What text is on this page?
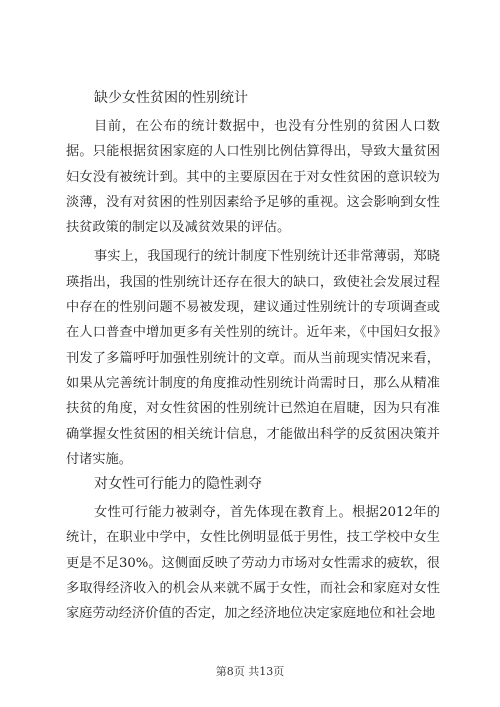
缺少女性贫困的性别统计

目前，在公布的统计数据中，也没有分性别的贫困人口数据。只能根据贫困家庭的人口性别比例估算得出，导致大量贫困妇女没有被统计到。其中的主要原因在于对女性贫困的意识较为淡薄，没有对贫困的性别因素给予足够的重视。这会影响到女性扶贫政策的制定以及减贫效果的评估。

事实上，我国现行的统计制度下性别统计还非常薄弱，郑晓瑛指出，我国的性别统计还存在很大的缺口，致使社会发展过程中存在的性别问题不易被发现，建议通过性别统计的专项调查或在人口普查中增加更多有关性别的统计。近年来，《中国妇女报》刊发了多篇呼吁加强性别统计的文章。而从当前现实情况来看，如果从完善统计制度的角度推动性别统计尚需时日，那么从精准扶贫的角度，对女性贫困的性别统计已然迫在眉睫，因为只有准确掌握女性贫困的相关统计信息，才能做出科学的反贫困决策并付诸实施。

对女性可行能力的隐性剥夺

女性可行能力被剥夺，首先体现在教育上。根据2012年的统计，在职业中学中，女性比例明显低于男性，技工学校中女生更是不足30%。这侧面反映了劳动力市场对女性需求的疲软，很多取得经济收入的机会从来就不属于女性，而社会和家庭对女性家庭劳动经济价值的否定，加之经济地位决定家庭地位和社会地

第8页 共13页
